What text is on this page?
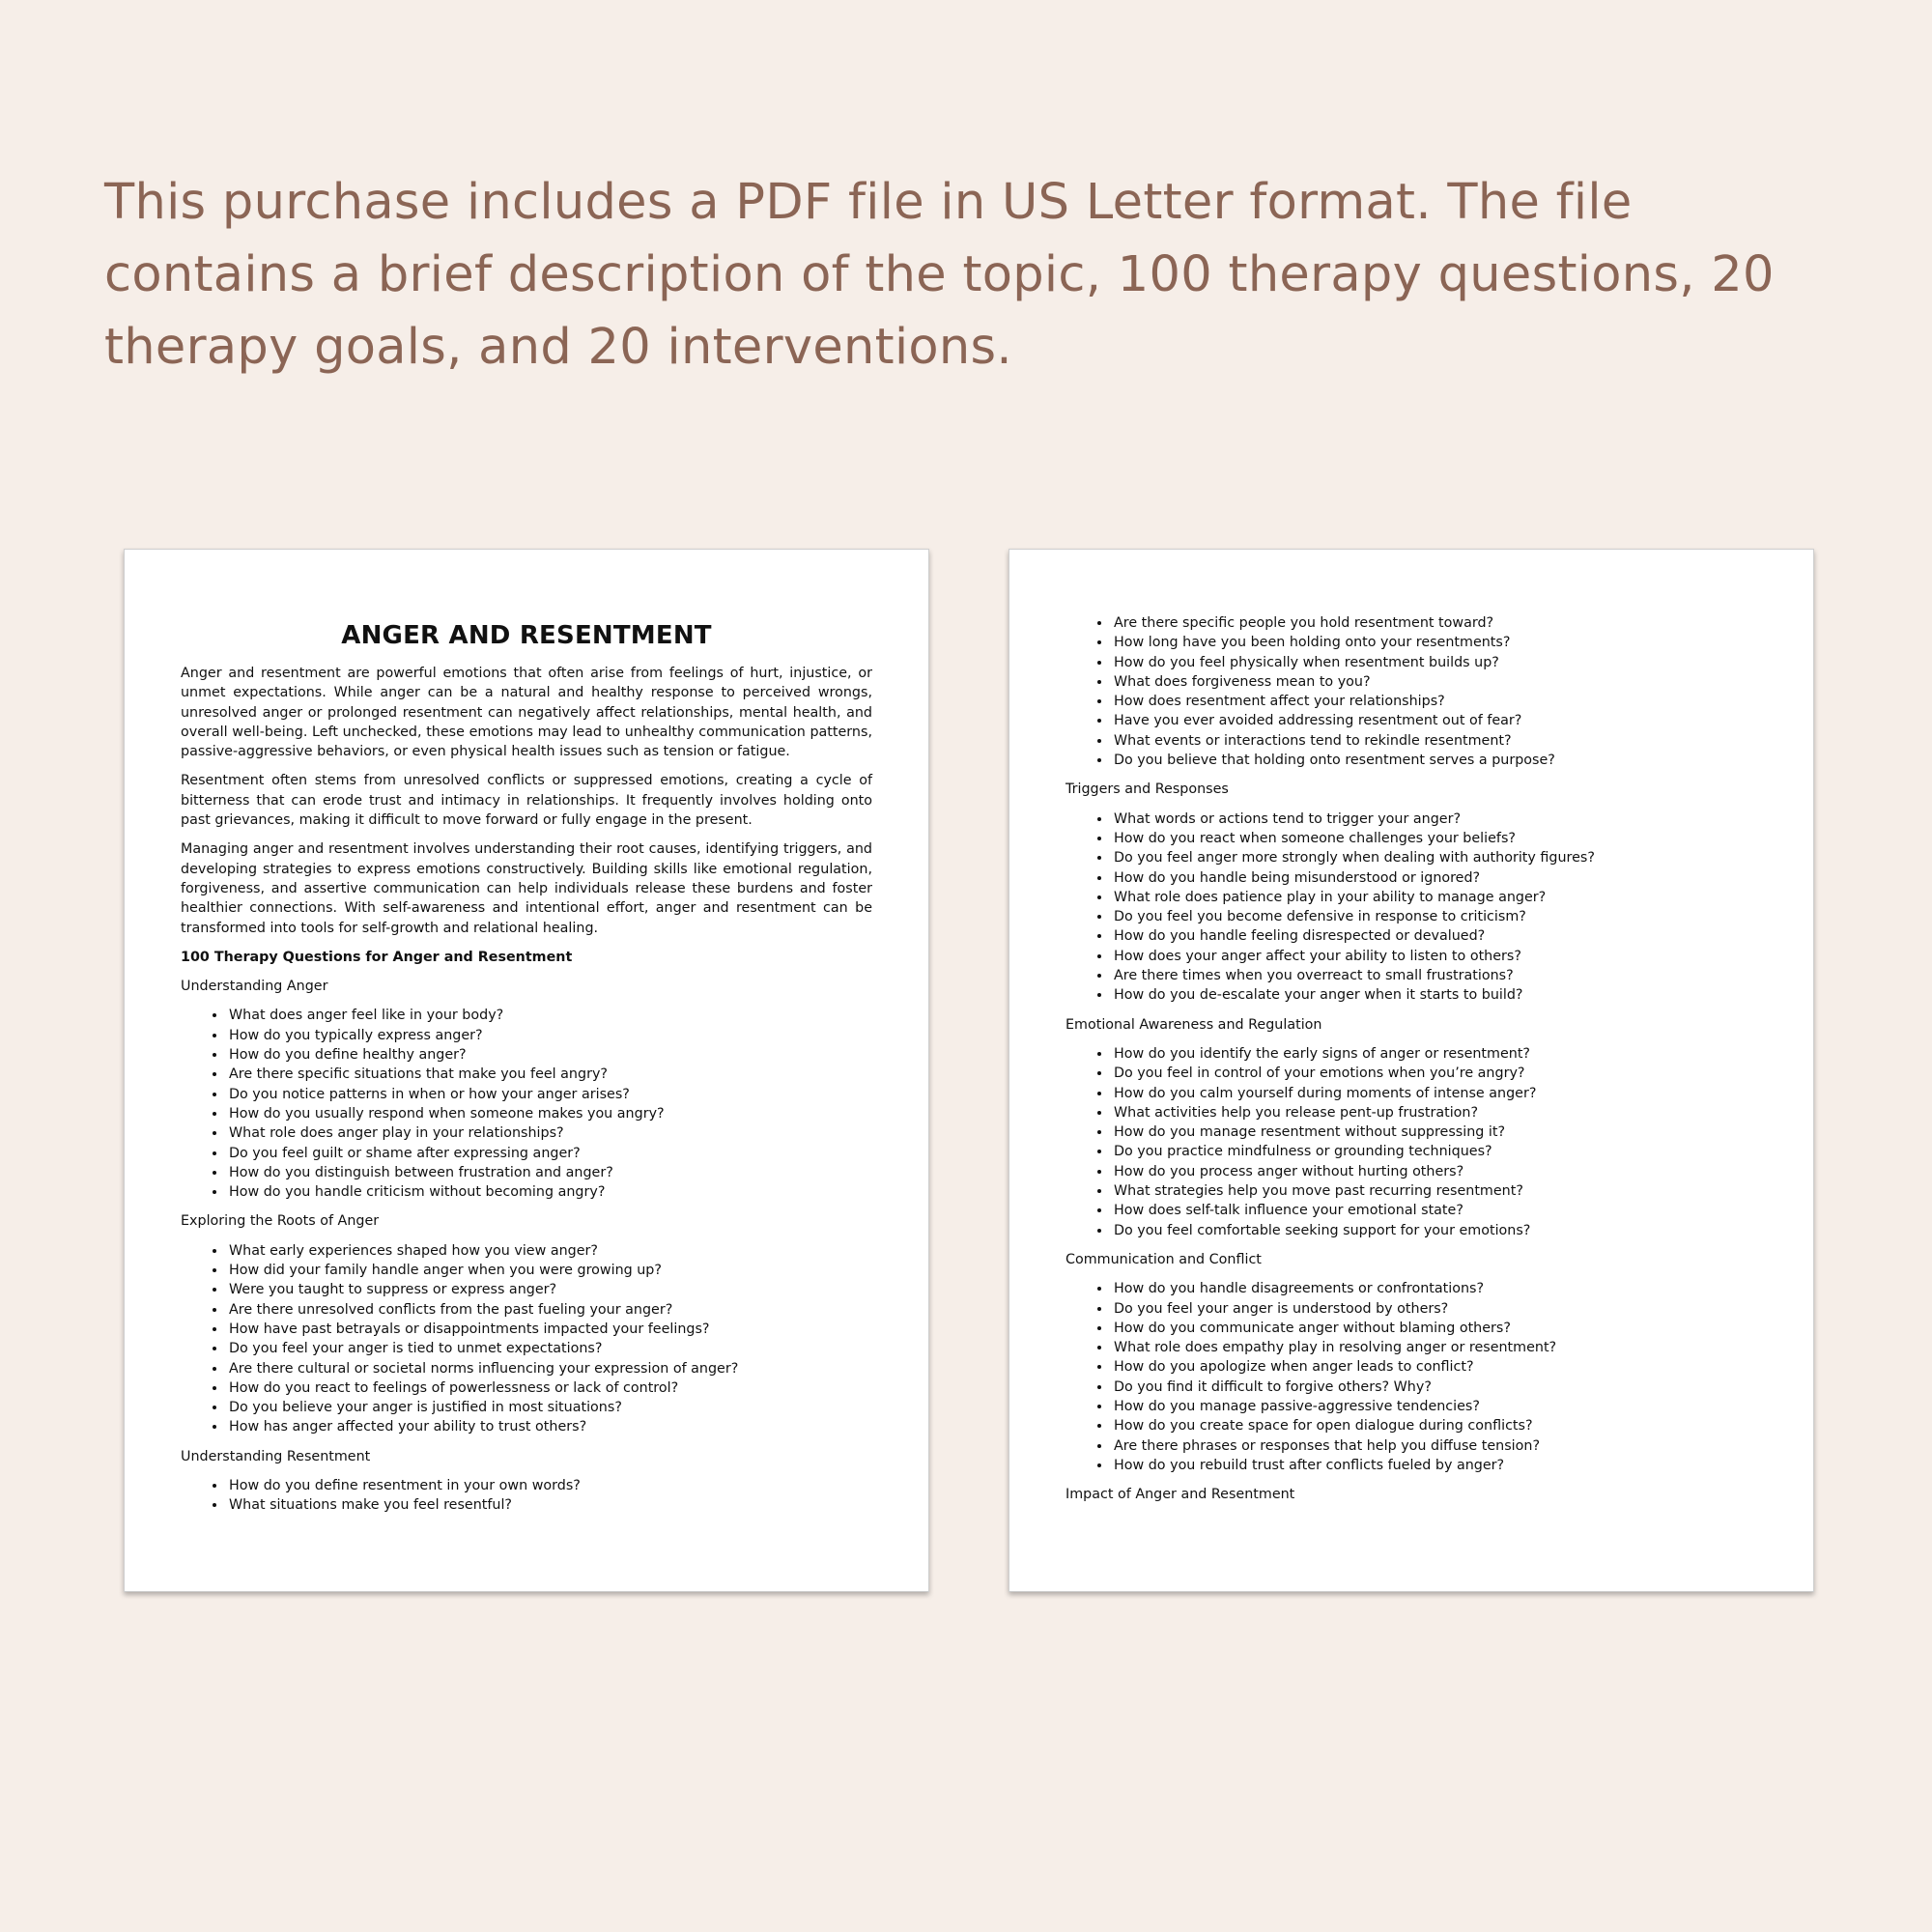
This purchase includes a PDF file in US Letter format. The file contains a brief description of the topic, 100 therapy questions, 20 therapy goals, and 20 interventions.
ANGER AND RESENTMENT

Anger and resentment are powerful emotions that often arise from feelings of hurt, injustice, or unmet expectations. While anger can be a natural and healthy response to perceived wrongs, unresolved anger or prolonged resentment can negatively affect relationships, mental health, and overall well-being. Left unchecked, these emotions may lead to unhealthy communication patterns, passive-aggressive behaviors, or even physical health issues such as tension or fatigue.

Resentment often stems from unresolved conflicts or suppressed emotions, creating a cycle of bitterness that can erode trust and intimacy in relationships. It frequently involves holding onto past grievances, making it difficult to move forward or fully engage in the present.

Managing anger and resentment involves understanding their root causes, identifying triggers, and developing strategies to express emotions constructively. Building skills like emotional regulation, forgiveness, and assertive communication can help individuals release these burdens and foster healthier connections. With self-awareness and intentional effort, anger and resentment can be transformed into tools for self-growth and relational healing.

100 Therapy Questions for Anger and Resentment
Understanding Anger
• What does anger feel like in your body?
• How do you typically express anger?
• How do you define healthy anger?
• Are there specific situations that make you feel angry?
• Do you notice patterns in when or how your anger arises?
• How do you usually respond when someone makes you angry?
• What role does anger play in your relationships?
• Do you feel guilt or shame after expressing anger?
• How do you distinguish between frustration and anger?
• How do you handle criticism without becoming angry?
Exploring the Roots of Anger
• What early experiences shaped how you view anger?
• How did your family handle anger when you were growing up?
• Were you taught to suppress or express anger?
• Are there unresolved conflicts from the past fueling your anger?
• How have past betrayals or disappointments impacted your feelings?
• Do you feel your anger is tied to unmet expectations?
• Are there cultural or societal norms influencing your expression of anger?
• How do you react to feelings of powerlessness or lack of control?
• Do you believe your anger is justified in most situations?
• How has anger affected your ability to trust others?
Understanding Resentment
• How do you define resentment in your own words?
• What situations make you feel resentful?
• Are there specific people you hold resentment toward?
• How long have you been holding onto your resentments?
• How do you feel physically when resentment builds up?
• What does forgiveness mean to you?
• How does resentment affect your relationships?
• Have you ever avoided addressing resentment out of fear?
• What events or interactions tend to rekindle resentment?
• Do you believe that holding onto resentment serves a purpose?
Triggers and Responses
• What words or actions tend to trigger your anger?
• How do you react when someone challenges your beliefs?
• Do you feel anger more strongly when dealing with authority figures?
• How do you handle being misunderstood or ignored?
• What role does patience play in your ability to manage anger?
• Do you feel you become defensive in response to criticism?
• How do you handle feeling disrespected or devalued?
• How does your anger affect your ability to listen to others?
• Are there times when you overreact to small frustrations?
• How do you de-escalate your anger when it starts to build?
Emotional Awareness and Regulation
• How do you identify the early signs of anger or resentment?
• Do you feel in control of your emotions when you’re angry?
• How do you calm yourself during moments of intense anger?
• What activities help you release pent-up frustration?
• How do you manage resentment without suppressing it?
• Do you practice mindfulness or grounding techniques?
• How do you process anger without hurting others?
• What strategies help you move past recurring resentment?
• How does self-talk influence your emotional state?
• Do you feel comfortable seeking support for your emotions?
Communication and Conflict
• How do you handle disagreements or confrontations?
• Do you feel your anger is understood by others?
• How do you communicate anger without blaming others?
• What role does empathy play in resolving anger or resentment?
• How do you apologize when anger leads to conflict?
• Do you find it difficult to forgive others? Why?
• How do you manage passive-aggressive tendencies?
• How do you create space for open dialogue during conflicts?
• Are there phrases or responses that help you diffuse tension?
• How do you rebuild trust after conflicts fueled by anger?
Impact of Anger and Resentment
